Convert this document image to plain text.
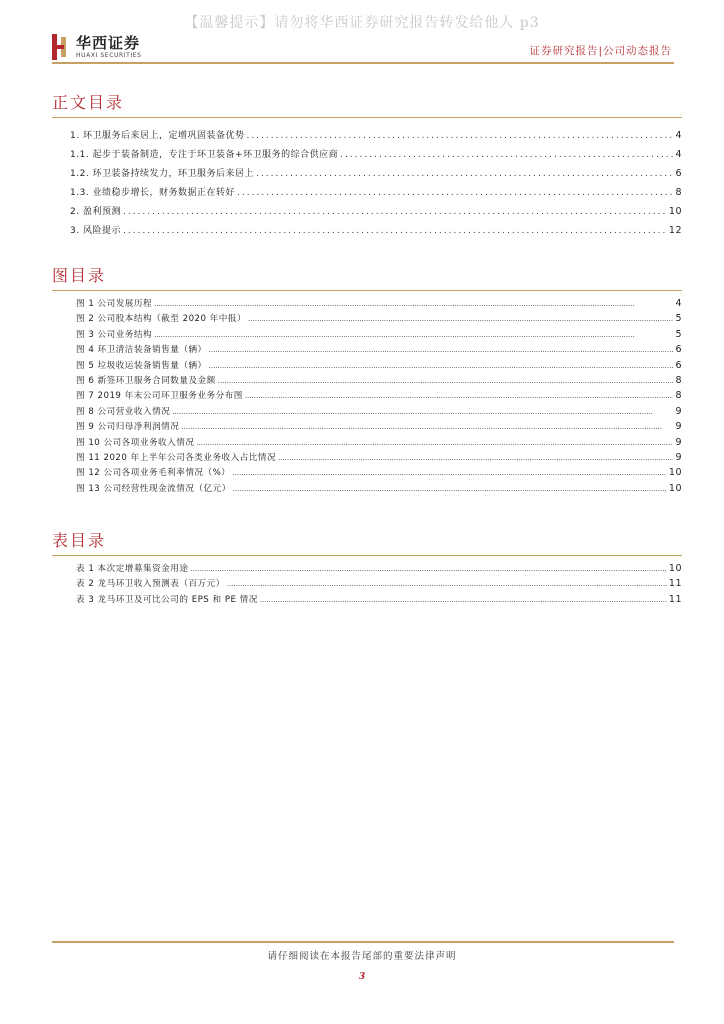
【温馨提示】请勿将华西证券研究报告转发给他人 p3
华西证券
HUAXI SECURITIES	证券研究报告|公司动态报告
正文目录
1. 环卫服务后来居上，定增巩固装备优势 .....	4
1.1. 起步于装备制造，专注于环卫装备+环卫服务的综合供应商 .....	4
1.2. 环卫装备持续发力，环卫服务后来居上 .....	6
1.3. 业绩稳步增长，财务数据正在转好 .....	8
2. 盈利预测 .....	10
3. 风险提示 .....	12
图目录
图 1 公司发展历程 .....	4
图 2 公司股本结构（截至 2020 年中报） .....	5
图 3 公司业务结构 .....	5
图 4 环卫清洁装备销售量（辆） .....	6
图 5 垃圾收运装备销售量（辆） .....	6
图 6 新签环卫服务合同数量及金额 .....	8
图 7 2019 年末公司环卫服务业务分布图 .....	8
图 8 公司营业收入情况 .....	9
图 9 公司归母净利润情况 .....	9
图 10 公司各项业务收入情况 .....	9
图 11 2020 年上半年公司各类业务收入占比情况 .....	9
图 12 公司各项业务毛利率情况（%） .....	10
图 13 公司经营性现金流情况（亿元） .....	10
表目录
表 1 本次定增募集资金用途 .....	10
表 2 龙马环卫收入预测表（百万元） .....	11
表 3 龙马环卫及可比公司的 EPS 和 PE 情况 .....	11
请仔细阅读在本报告尾部的重要法律声明
3
